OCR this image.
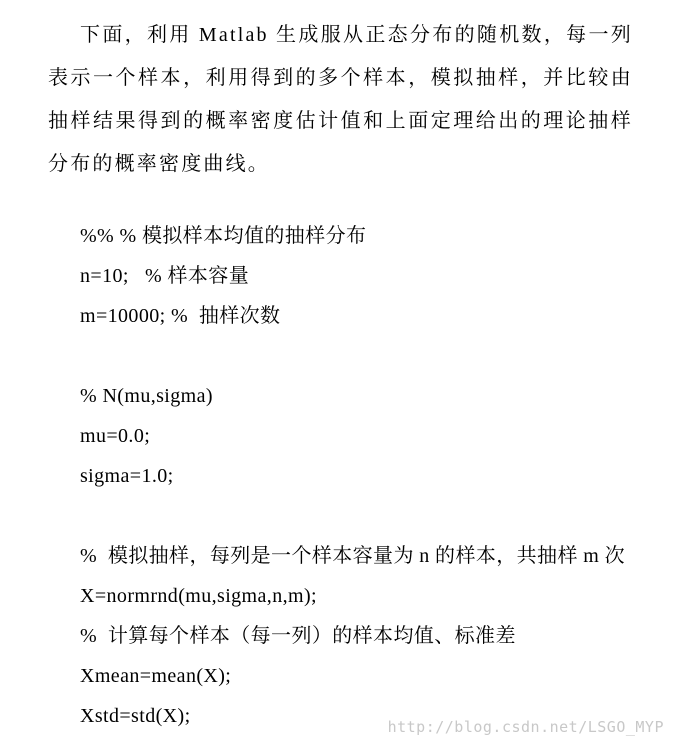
下面，利用 Matlab 生成服从正态分布的随机数，每一列表示一个样本，利用得到的多个样本，模拟抽样，并比较由抽样结果得到的概率密度估计值和上面定理给出的理论抽样分布的概率密度曲线。

%% % 模拟样本均值的抽样分布
n=10;   % 样本容量
m=10000; %  抽样次数
% N(mu,sigma)
mu=0.0;
sigma=1.0;
%  模拟抽样，每列是一个样本容量为 n 的样本，共抽样 m 次
X=normrnd(mu,sigma,n,m);
%  计算每个样本（每一列）的样本均值、标准差
Xmean=mean(X);
Xstd=std(X);	http://blog.csdn.net/LSGO_MYP
